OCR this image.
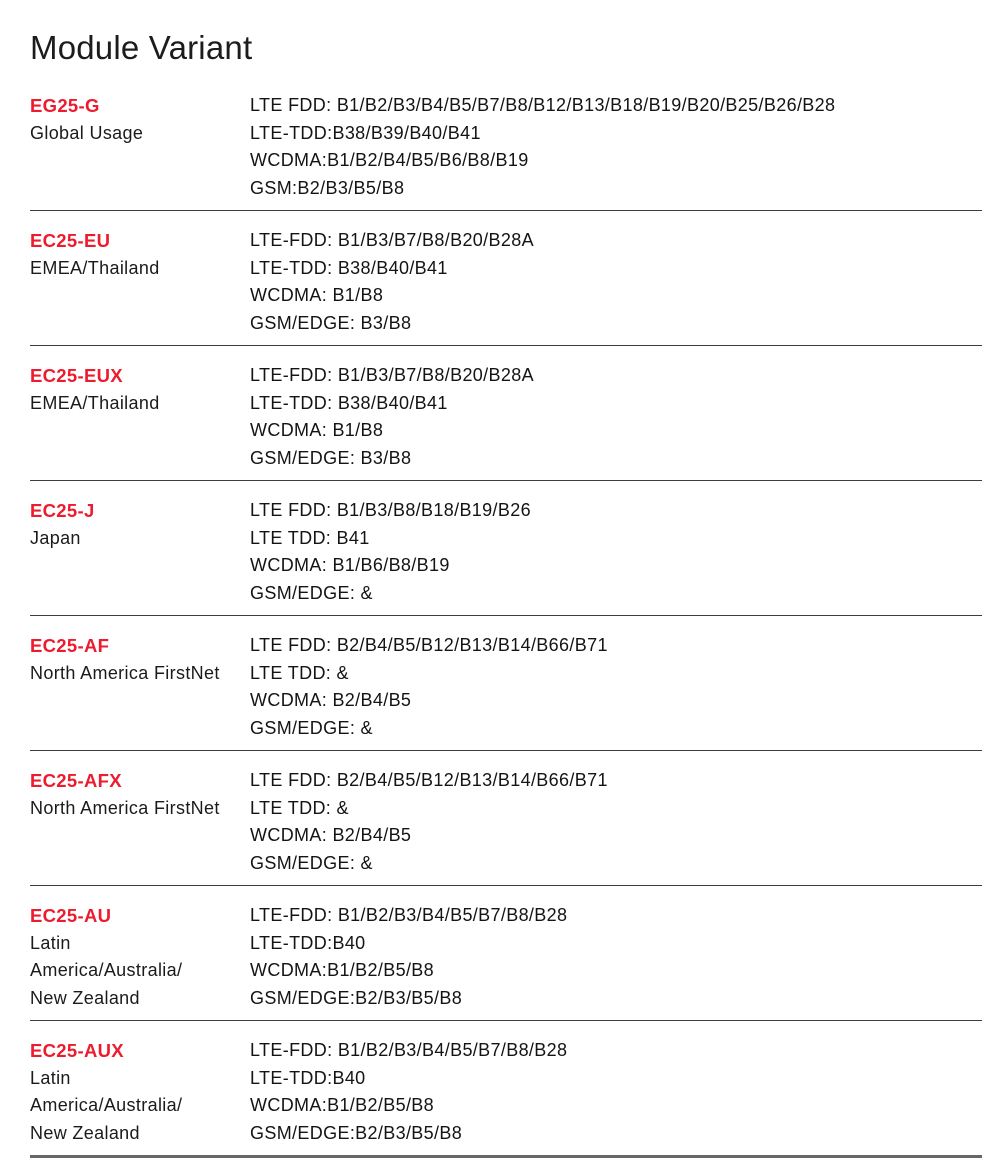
Module Variant
EG25-G
Global Usage
LTE FDD: B1/B2/B3/B4/B5/B7/B8/B12/B13/B18/B19/B20/B25/B26/B28
LTE-TDD:B38/B39/B40/B41
WCDMA:B1/B2/B4/B5/B6/B8/B19
GSM:B2/B3/B5/B8
EC25-EU
EMEA/Thailand
LTE-FDD: B1/B3/B7/B8/B20/B28A
LTE-TDD: B38/B40/B41
WCDMA: B1/B8
GSM/EDGE: B3/B8
EC25-EUX
EMEA/Thailand
LTE-FDD: B1/B3/B7/B8/B20/B28A
LTE-TDD: B38/B40/B41
WCDMA: B1/B8
GSM/EDGE: B3/B8
EC25-J
Japan
LTE FDD: B1/B3/B8/B18/B19/B26
LTE TDD: B41
WCDMA: B1/B6/B8/B19
GSM/EDGE: &
EC25-AF
North America FirstNet
LTE FDD: B2/B4/B5/B12/B13/B14/B66/B71
LTE TDD: &
WCDMA: B2/B4/B5
GSM/EDGE: &
EC25-AFX
North America FirstNet
LTE FDD: B2/B4/B5/B12/B13/B14/B66/B71
LTE TDD: &
WCDMA: B2/B4/B5
GSM/EDGE: &
EC25-AU
Latin
America/Australia/
New Zealand
LTE-FDD: B1/B2/B3/B4/B5/B7/B8/B28
LTE-TDD:B40
WCDMA:B1/B2/B5/B8
GSM/EDGE:B2/B3/B5/B8
EC25-AUX
Latin
America/Australia/
New Zealand
LTE-FDD: B1/B2/B3/B4/B5/B7/B8/B28
LTE-TDD:B40
WCDMA:B1/B2/B5/B8
GSM/EDGE:B2/B3/B5/B8
